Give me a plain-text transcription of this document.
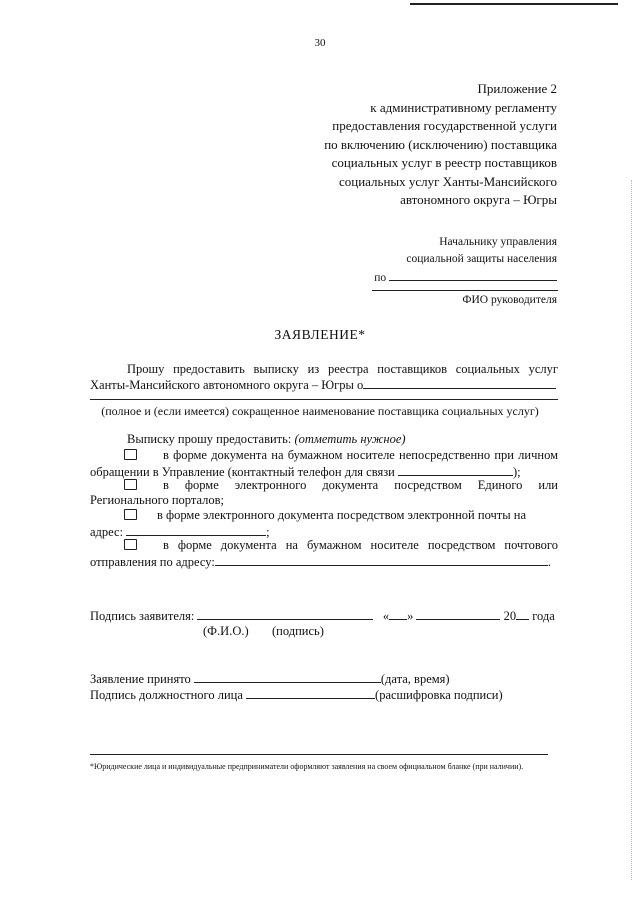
30
Приложение 2
к административному регламенту
предоставления государственной услуги
по включению (исключению) поставщика
социальных услуг в реестр поставщиков
социальных услуг Ханты-Мансийского
автономного округа – Югры
Начальнику управления
социальной защиты населения
по
ФИО руководителя
ЗАЯВЛЕНИЕ*
Прошу предоставить выписку из реестра поставщиков социальных услуг
Ханты-Мансийского автономного округа – Югры о
(полное и (если имеется) сокращенное наименование поставщика социальных услуг)
Выписку прошу предоставить: (отметить нужное)
в форме документа на бумажном носителе непосредственно при личном
обращении в Управление (контактный телефон для связи	);
в форме электронного документа посредством Единого или
Регионального порталов;
в форме электронного документа посредством электронной почты на
адрес:	;
в форме документа на бумажном носителе посредством почтового
отправления по адресу:	.
Подпись заявителя:	« »	20 года
(Ф.И.О.) (подпись)
Заявление принято	(дата, время)
Подпись должностного лица	(расшифровка подписи)
*Юридические лица и индивидуальные предприниматели оформляют заявления на своем официальном бланке (при наличии).
